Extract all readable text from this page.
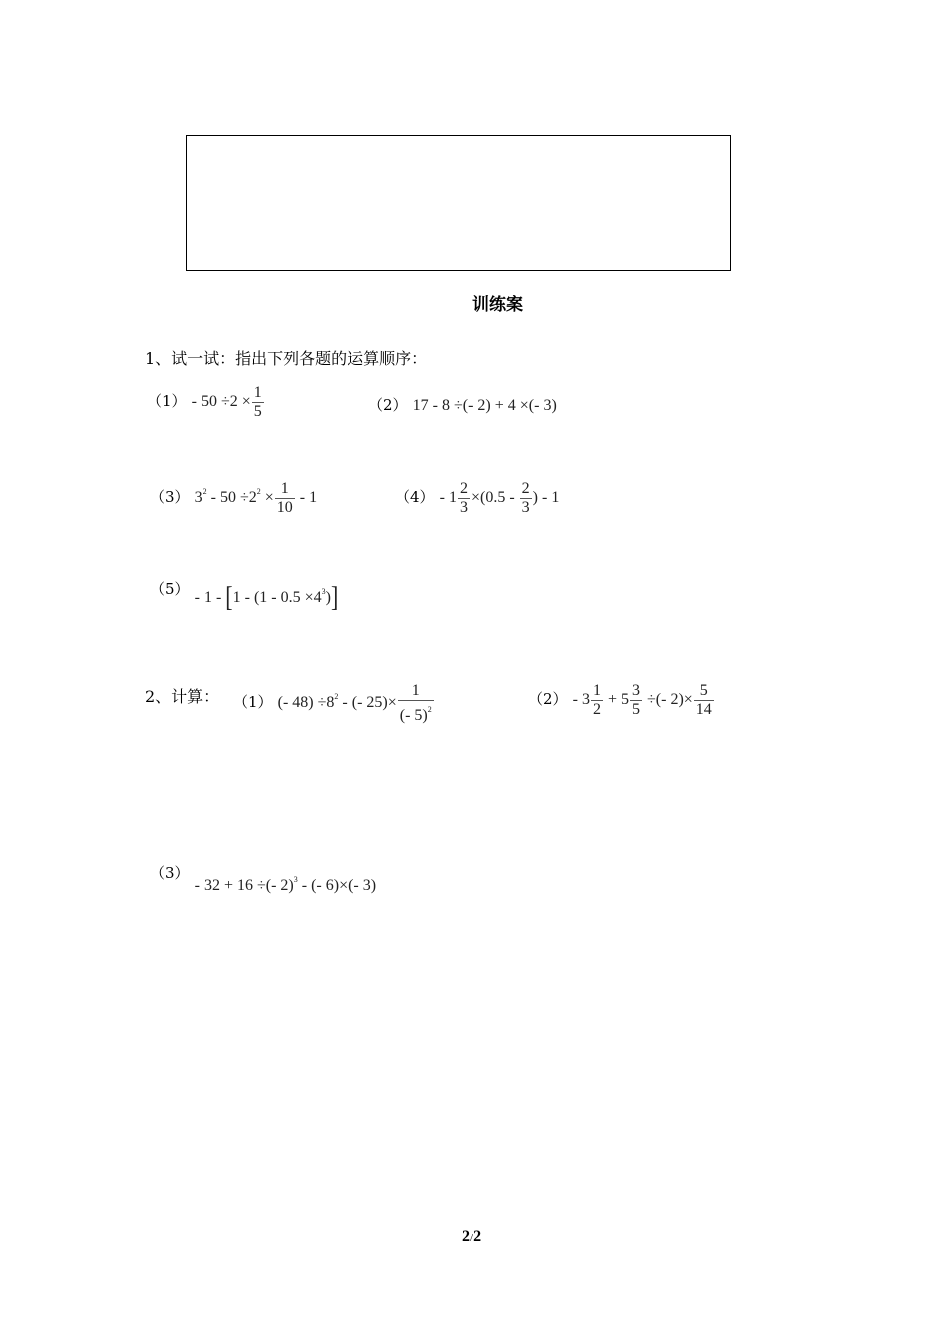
训练案
1、试一试：指出下列各题的运算顺序：
$(1) - 50 \div 2 \times \frac{1}{5}$	（2） 17 - 8 ÷(- 2) + 4 ×(- 3)
（3） $3^2 - 50 \div 2^2 \times \frac{1}{10} - 1$	$(4) - 1 \frac{2}{3} \times(0.5 - \frac{2}{3}$ ) - 1
$(5) - 1 - [1 - (1 - 0.5 \times 4^3)]$
2、计算： （1） (- $48) \div 8^2$ - (- $25)\times \frac{1}{(- 5)^2}$	$(2) - 3 \frac{1}{2} + 5 \frac{3}{5}$ ÷(- $2)\times \frac{5}{14}$
（3） - 32 + 16 ÷(- 2)$^3$ - (- 6)×(- 3)
2/2
